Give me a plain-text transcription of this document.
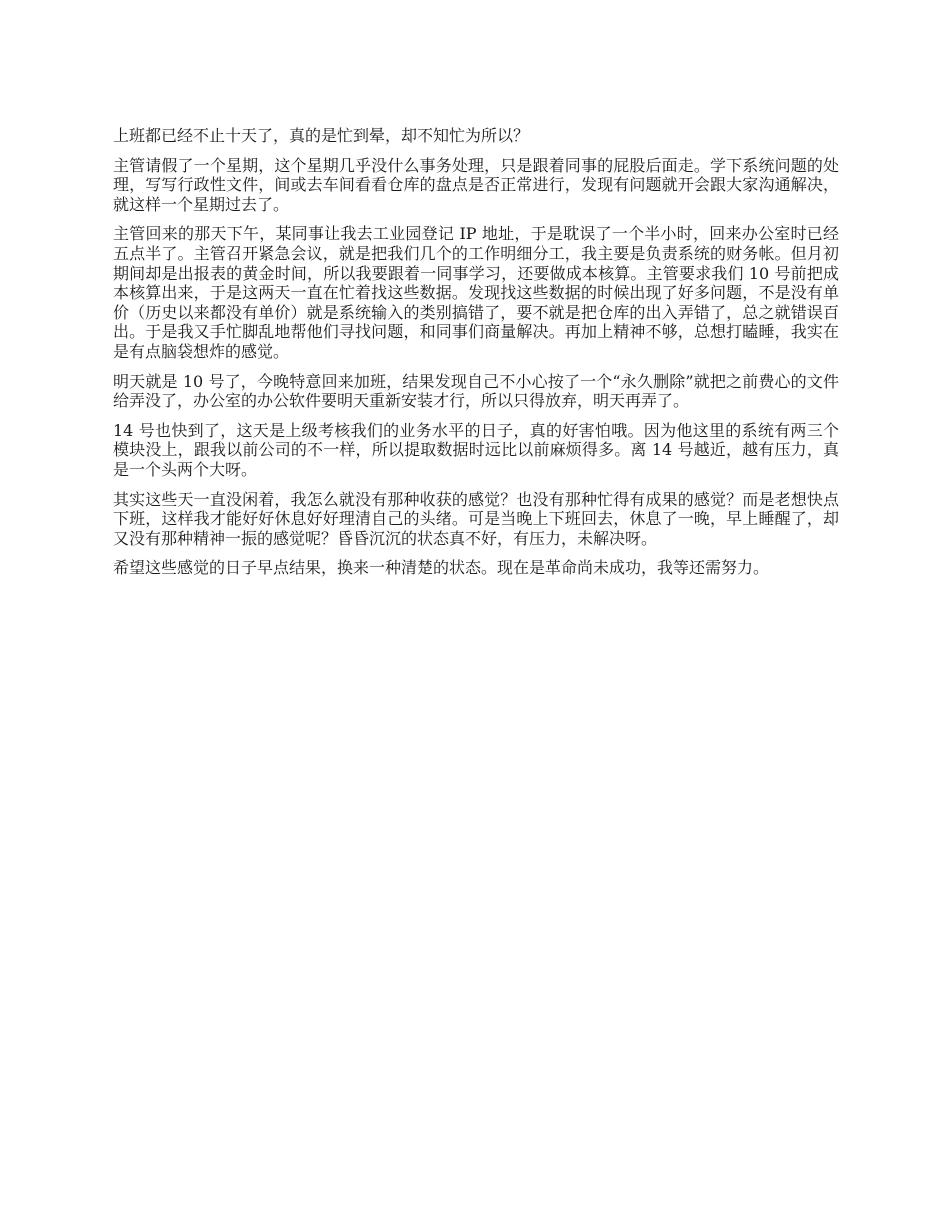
上班都已经不止十天了，真的是忙到晕，却不知忙为所以？

主管请假了一个星期，这个星期几乎没什么事务处理，只是跟着同事的屁股后面走。学下系统问题的处理，写写行政性文件，间或去车间看看仓库的盘点是否正常进行，发现有问题就开会跟大家沟通解决，就这样一个星期过去了。

主管回来的那天下午，某同事让我去工业园登记 IP 地址，于是耽误了一个半小时，回来办公室时已经五点半了。主管召开紧急会议，就是把我们几个的工作明细分工，我主要是负责系统的财务帐。但月初期间却是出报表的黄金时间，所以我要跟着一同事学习，还要做成本核算。主管要求我们 10 号前把成本核算出来，于是这两天一直在忙着找这些数据。发现找这些数据的时候出现了好多问题，不是没有单价（历史以来都没有单价）就是系统输入的类别搞错了，要不就是把仓库的出入弄错了，总之就错误百出。于是我又手忙脚乱地帮他们寻找问题，和同事们商量解决。再加上精神不够，总想打瞌睡，我实在是有点脑袋想炸的感觉。

明天就是 10 号了，今晚特意回来加班，结果发现自己不小心按了一个“永久删除”就把之前费心的文件给弄没了，办公室的办公软件要明天重新安装才行，所以只得放弃，明天再弄了。

14 号也快到了，这天是上级考核我们的业务水平的日子，真的好害怕哦。因为他这里的系统有两三个模块没上，跟我以前公司的不一样，所以提取数据时远比以前麻烦得多。离 14 号越近，越有压力，真是一个头两个大呀。

其实这些天一直没闲着，我怎么就没有那种收获的感觉？也没有那种忙得有成果的感觉？而是老想快点下班，这样我才能好好休息好好理清自己的头绪。可是当晚上下班回去，休息了一晚，早上睡醒了，却又没有那种精神一振的感觉呢？昏昏沉沉的状态真不好，有压力，未解决呀。

希望这些感觉的日子早点结果，换来一种清楚的状态。现在是革命尚未成功，我等还需努力。
